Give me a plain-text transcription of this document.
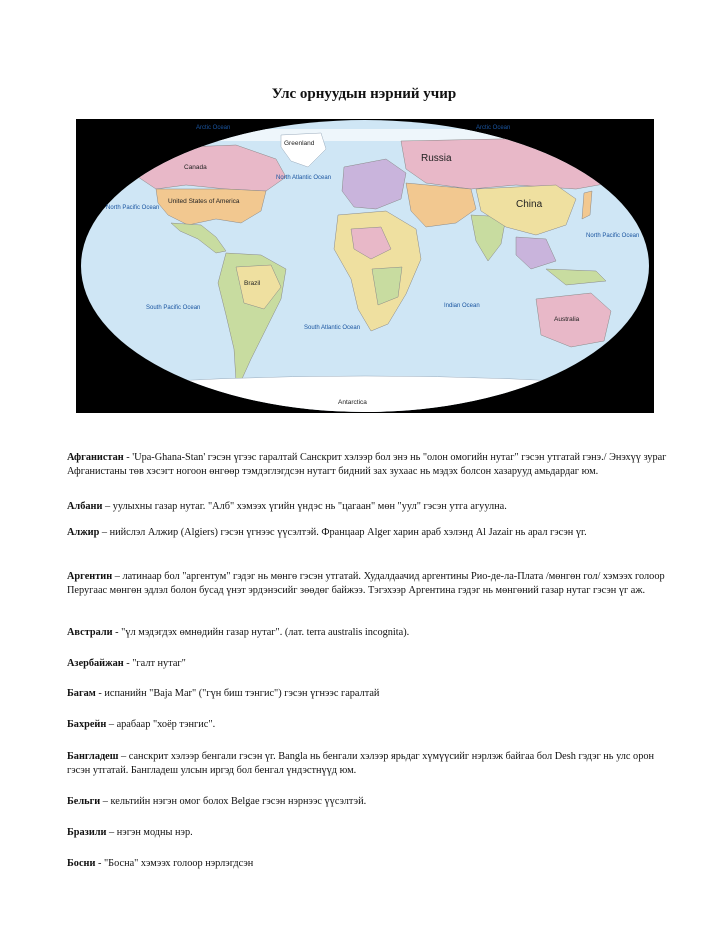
Улс орнуудын нэрний учир
Arctic Ocean	Arctic Ocean
North Atlantic Ocean
North Pacific Ocean
North Pacific Ocean
South Pacific Ocean
South Atlantic Ocean
Indian Ocean
Greenland
Canada
United States of America
Brazil
Australia
Antarctica
Russia
China
Афганистан - 'Upa-Ghana-Stan' гэсэн үгээс гаралтай Санскрит хэлээр бол энэ нь "олон омогийн нутаг" гэсэн утгатай гэнэ./ Энэхүү зураг Афганистаны төв хэсэгт ногоон өнгөөр тэмдэглэгдсэн нутагт бидний зах зухаас нь мэдэх болсон хазарууд амьдардаг юм.
Албани – уулыхны газар нутаг. "Алб" хэмээх үгийн үндэс нь "цагаан" мөн "уул" гэсэн утга агуулна.
Алжир – нийслэл Алжир (Algiers) гэсэн үгнээс үүсэлтэй. Францаар Alger харин араб хэлэнд Al Jazair нь арал гэсэн үг.
Аргентин – латинаар бол "аргентум" гэдэг нь мөнгө гэсэн утгатай. Худалдаачид аргентины Рио-де-ла-Плата /мөнгөн гол/ хэмээх голоор Перугаас мөнгөн эдлэл болон бусад үнэт эрдэнэсийг зөөдөг байжээ. Тэгэхээр Аргентина гэдэг нь мөнгөний газар нутаг гэсэн үг аж.
Австрали - "үл мэдэгдэх өмнөдийн газар нутаг". (лат. terra australis incognita).
Азербайжан - "галт нутаг"
Багам - испанийн "Baja Mar" ("гүн биш тэнгис") гэсэн үгнээс гаралтай
Бахрейн – арабаар "хоёр тэнгис".
Бангладеш – санскрит хэлээр бенгали гэсэн үг. Bangla нь бенгали хэлээр ярьдаг хүмүүсийг нэрлэж байгаа бол Desh гэдэг нь улс орон гэсэн утгатай. Бангладеш улсын иргэд бол бенгал үндэстнүүд юм.
Бельги – кельтийн нэгэн омог болох Belgae гэсэн нэрнээс үүсэлтэй.
Бразили – нэгэн модны нэр.
Босни - "Босна" хэмээх голоор нэрлэгдсэн
